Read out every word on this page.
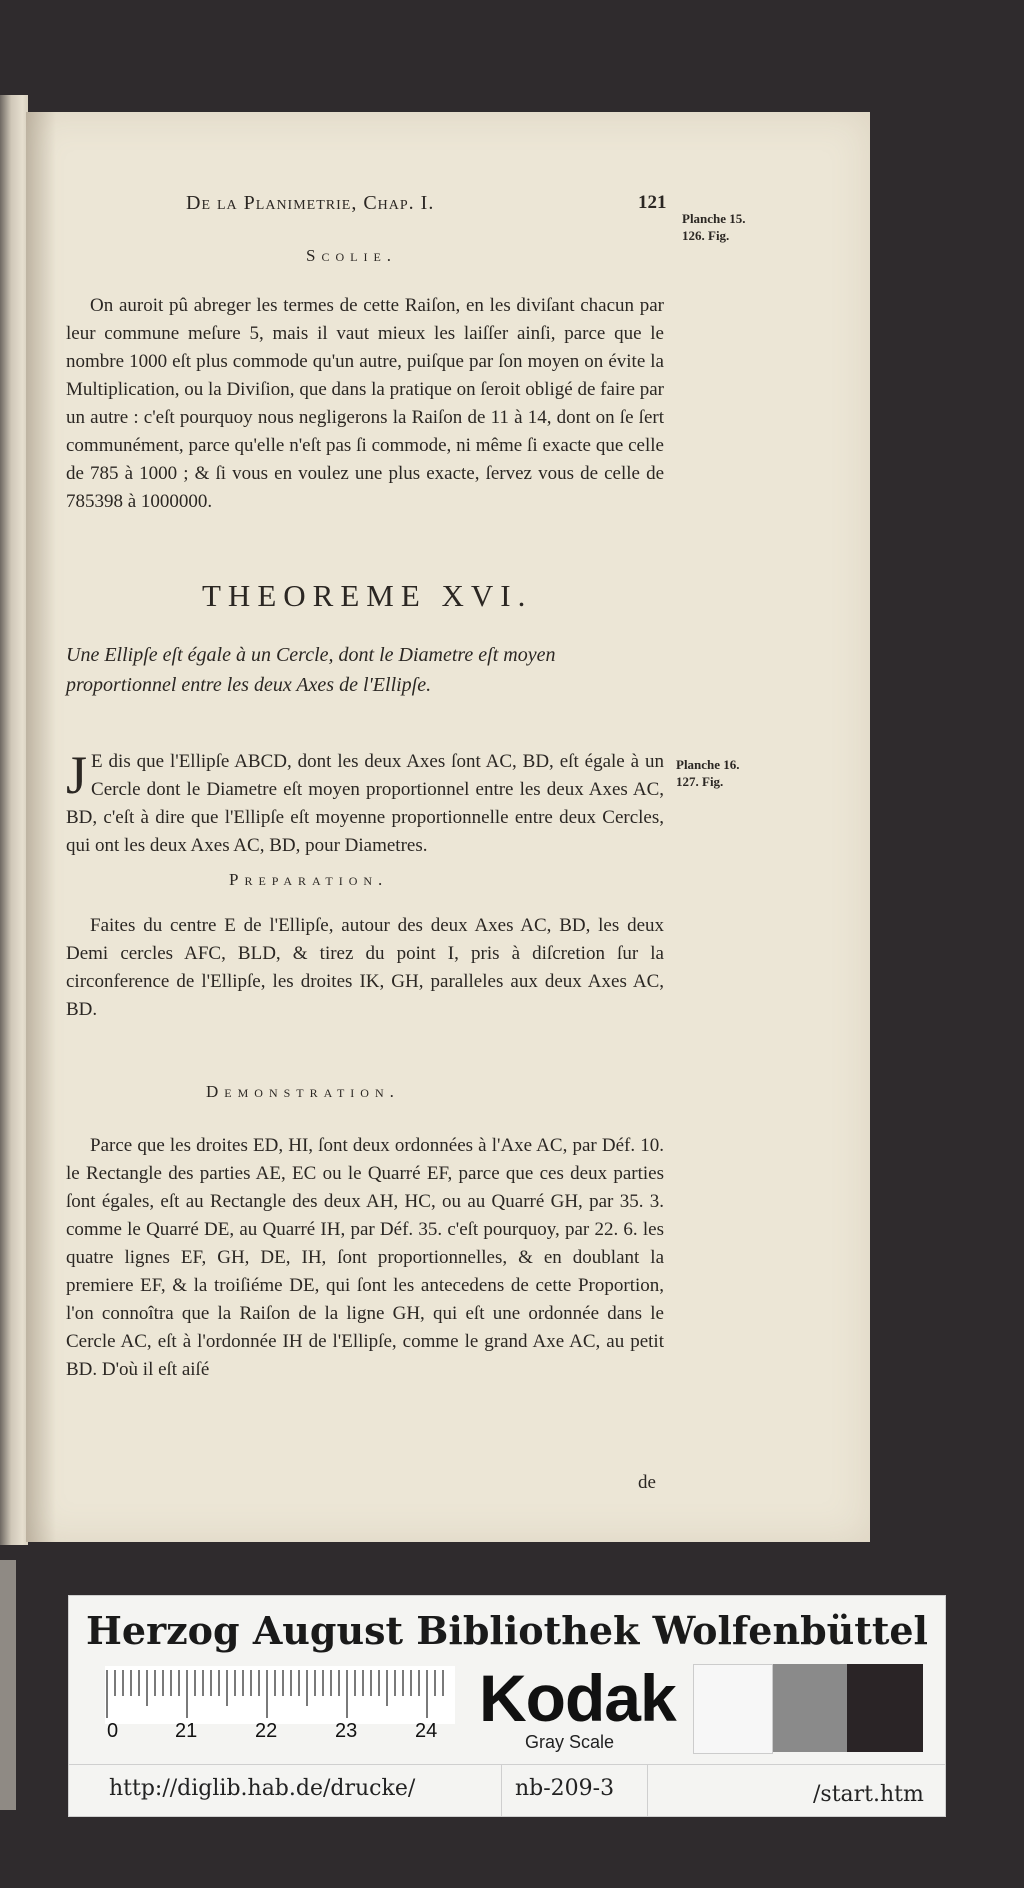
De la Planimetrie, Chap. I.	121
Planche 15. 126. Fig.
Scolie.
On auroit pû abreger les termes de cette Raiſon, en les diviſant chacun par leur commune meſure 5, mais il vaut mieux les laiſſer ainſi, parce que le nombre 1000 eſt plus commode qu'un autre, puiſque par ſon moyen on évite la Multiplication, ou la Diviſion, que dans la pratique on ſeroit obligé de faire par un autre : c'eſt pourquoy nous negligerons la Raiſon de 11 à 14, dont on ſe ſert communément, parce qu'elle n'eſt pas ſi commode, ni même ſi exacte que celle de 785 à 1000 ; & ſi vous en voulez une plus exacte, ſervez vous de celle de 785398 à 1000000.
THEOREME XVI.
Une Ellipſe eſt égale à un Cercle, dont le Diametre eſt moyen proportionnel entre les deux Axes de l'Ellipſe.
Planche 16. 127. Fig.
J E dis que l'Ellipſe ABCD, dont les deux Axes ſont AC, BD, eſt égale à un Cercle dont le Diametre eſt moyen proportionnel entre les deux Axes AC, BD, c'eſt à dire que l'Ellipſe eſt moyenne proportionnelle entre deux Cercles, qui ont les deux Axes AC, BD, pour Diametres.
Preparation.
Faites du centre E de l'Ellipſe, autour des deux Axes AC, BD, les deux Demi cercles AFC, BLD, & tirez du point I, pris à diſcretion ſur la circonference de l'Ellipſe, les droites IK, GH, paralleles aux deux Axes AC, BD.
Demonstration.
Parce que les droites ED, HI, ſont deux ordonnées à l'Axe AC, par Déf. 10. le Rectangle des parties AE, EC ou le Quarré EF, parce que ces deux parties ſont égales, eſt au Rectangle des deux AH, HC, ou au Quarré GH, par 35. 3. comme le Quarré DE, au Quarré IH, par Déf. 35. c'eſt pourquoy, par 22. 6. les quatre lignes EF, GH, DE, IH, ſont proportionnelles, & en doublant la premiere EF, & la troiſiéme DE, qui ſont les antecedens de cette Proportion, l'on connoîtra que la Raiſon de la ligne GH, qui eſt une ordonnée dans le Cercle AC, eſt à l'ordonnée IH de l'Ellipſe, comme le grand Axe AC, au petit BD. D'où il eſt aiſé
de
Herzog August Bibliothek Wolfenbüttel
0	21	22	23	24 Kodak
Gray Scale
http://diglib.hab.de/drucke/	nb-209-3	/start.htm
